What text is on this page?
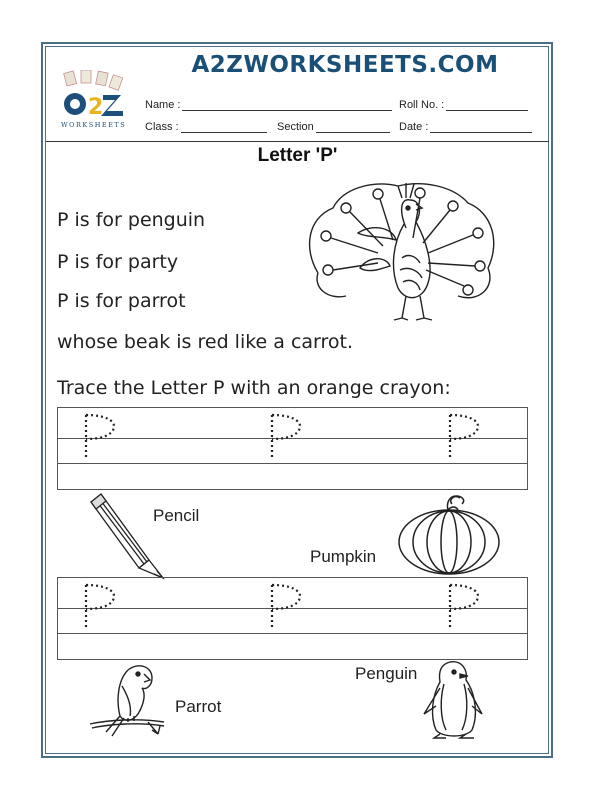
2
WORKSHEETS
A2ZWORKSHEETS.COM
Name :	Roll No. :
Class :	Section	Date :
Letter 'P'
P is for penguin
P is for party
P is for parrot
whose beak is red like a carrot.
Trace the Letter P with an orange crayon:
Pencil
Pumpkin
Parrot
Penguin
